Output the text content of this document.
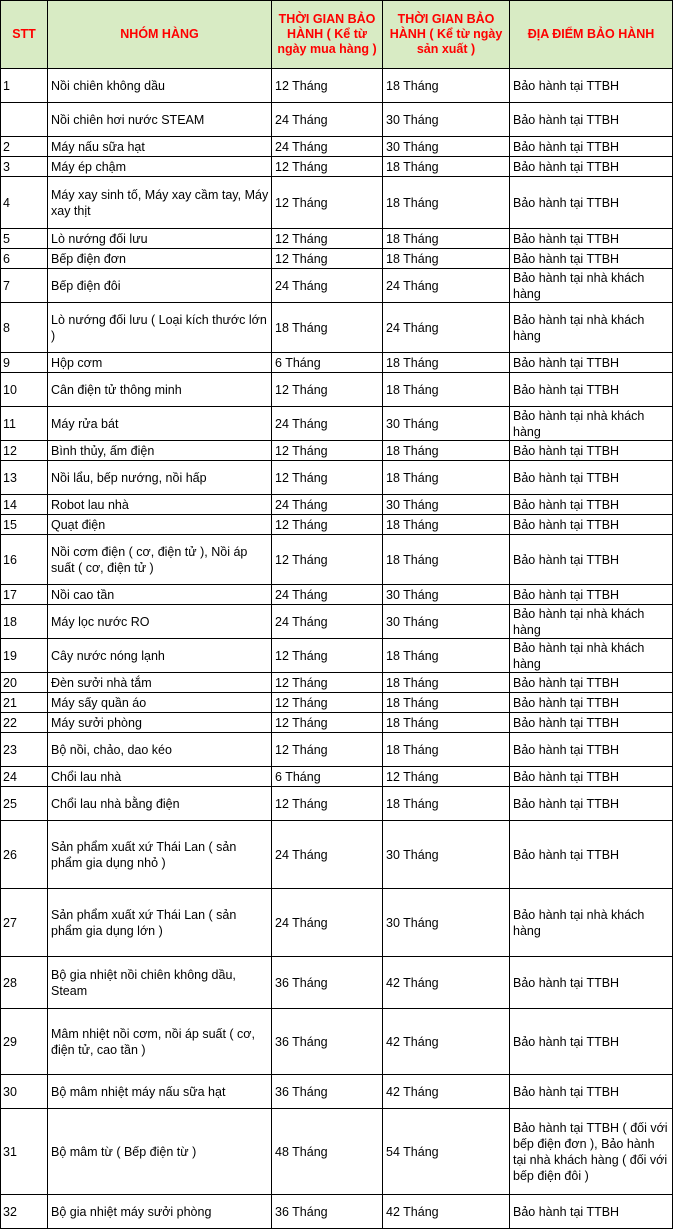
STT	NHÓM HÀNG	THỜI GIAN BẢO HÀNH ( Kể từ ngày mua hàng )	THỜI GIAN BẢO HÀNH ( Kể từ ngày sản xuất )	ĐỊA ĐIỂM BẢO HÀNH
1	Nồi chiên không dầu	12 Tháng	18 Tháng	Bảo hành tại TTBH
	Nồi chiên hơi nước STEAM	24 Tháng	30 Tháng	Bảo hành tại TTBH
2	Máy nấu sữa hạt	24 Tháng	30 Tháng	Bảo hành tại TTBH
3	Máy ép chậm	12 Tháng	18 Tháng	Bảo hành tại TTBH
4	Máy xay sinh tố, Máy xay cầm tay, Máy xay thịt	12 Tháng	18 Tháng	Bảo hành tại TTBH
5	Lò nướng đối lưu	12 Tháng	18 Tháng	Bảo hành tại TTBH
6	Bếp điện đơn	12 Tháng	18 Tháng	Bảo hành tại TTBH
7	Bếp điện đôi	24 Tháng	24 Tháng	Bảo hành tại nhà khách hàng
8	Lò nướng đối lưu ( Loại kích thước lớn )	18 Tháng	24 Tháng	Bảo hành tại nhà khách hàng
9	Hộp cơm	6 Tháng	18 Tháng	Bảo hành tại TTBH
10	Cân điện tử thông minh	12 Tháng	18 Tháng	Bảo hành tại TTBH
11	Máy rửa bát	24 Tháng	30 Tháng	Bảo hành tại nhà khách hàng
12	Bình thủy, ấm điện	12 Tháng	18 Tháng	Bảo hành tại TTBH
13	Nồi lẩu, bếp nướng, nồi hấp	12 Tháng	18 Tháng	Bảo hành tại TTBH
14	Robot lau nhà	24 Tháng	30 Tháng	Bảo hành tại TTBH
15	Quạt điện	12 Tháng	18 Tháng	Bảo hành tại TTBH
16	Nồi cơm điện ( cơ, điện tử ), Nồi áp suất ( cơ, điện tử )	12 Tháng	18 Tháng	Bảo hành tại TTBH
17	Nồi cao tần	24 Tháng	30 Tháng	Bảo hành tại TTBH
18	Máy lọc nước RO	24 Tháng	30 Tháng	Bảo hành tại nhà khách hàng
19	Cây nước nóng lạnh	12 Tháng	18 Tháng	Bảo hành tại nhà khách hàng
20	Đèn sưởi nhà tắm	12 Tháng	18 Tháng	Bảo hành tại TTBH
21	Máy sấy quần áo	12 Tháng	18 Tháng	Bảo hành tại TTBH
22	Máy sưởi phòng	12 Tháng	18 Tháng	Bảo hành tại TTBH
23	Bộ nồi, chảo, dao kéo	12 Tháng	18 Tháng	Bảo hành tại TTBH
24	Chổi lau nhà	6 Tháng	12 Tháng	Bảo hành tại TTBH
25	Chổi lau nhà bằng điện	12 Tháng	18 Tháng	Bảo hành tại TTBH
26	Sản phẩm xuất xứ Thái Lan ( sản phẩm gia dụng nhỏ )	24 Tháng	30 Tháng	Bảo hành tại TTBH
27	Sản phẩm xuất xứ Thái Lan ( sản phẩm gia dụng lớn )	24 Tháng	30 Tháng	Bảo hành tại nhà khách hàng
28	Bộ gia nhiệt nồi chiên không dầu, Steam	36 Tháng	42 Tháng	Bảo hành tại TTBH
29	Mâm nhiệt nồi cơm, nồi áp suất ( cơ, điện tử, cao tần )	36 Tháng	42 Tháng	Bảo hành tại TTBH
30	Bộ mâm nhiệt máy nấu sữa hạt	36 Tháng	42 Tháng	Bảo hành tại TTBH
31	Bộ mâm từ ( Bếp điện từ )	48 Tháng	54 Tháng	Bảo hành tại TTBH ( đối với bếp điện đơn ), Bảo hành tại nhà khách hàng ( đối với bếp điện đôi )
32	Bộ gia nhiệt máy sưởi phòng	36 Tháng	42 Tháng	Bảo hành tại TTBH
